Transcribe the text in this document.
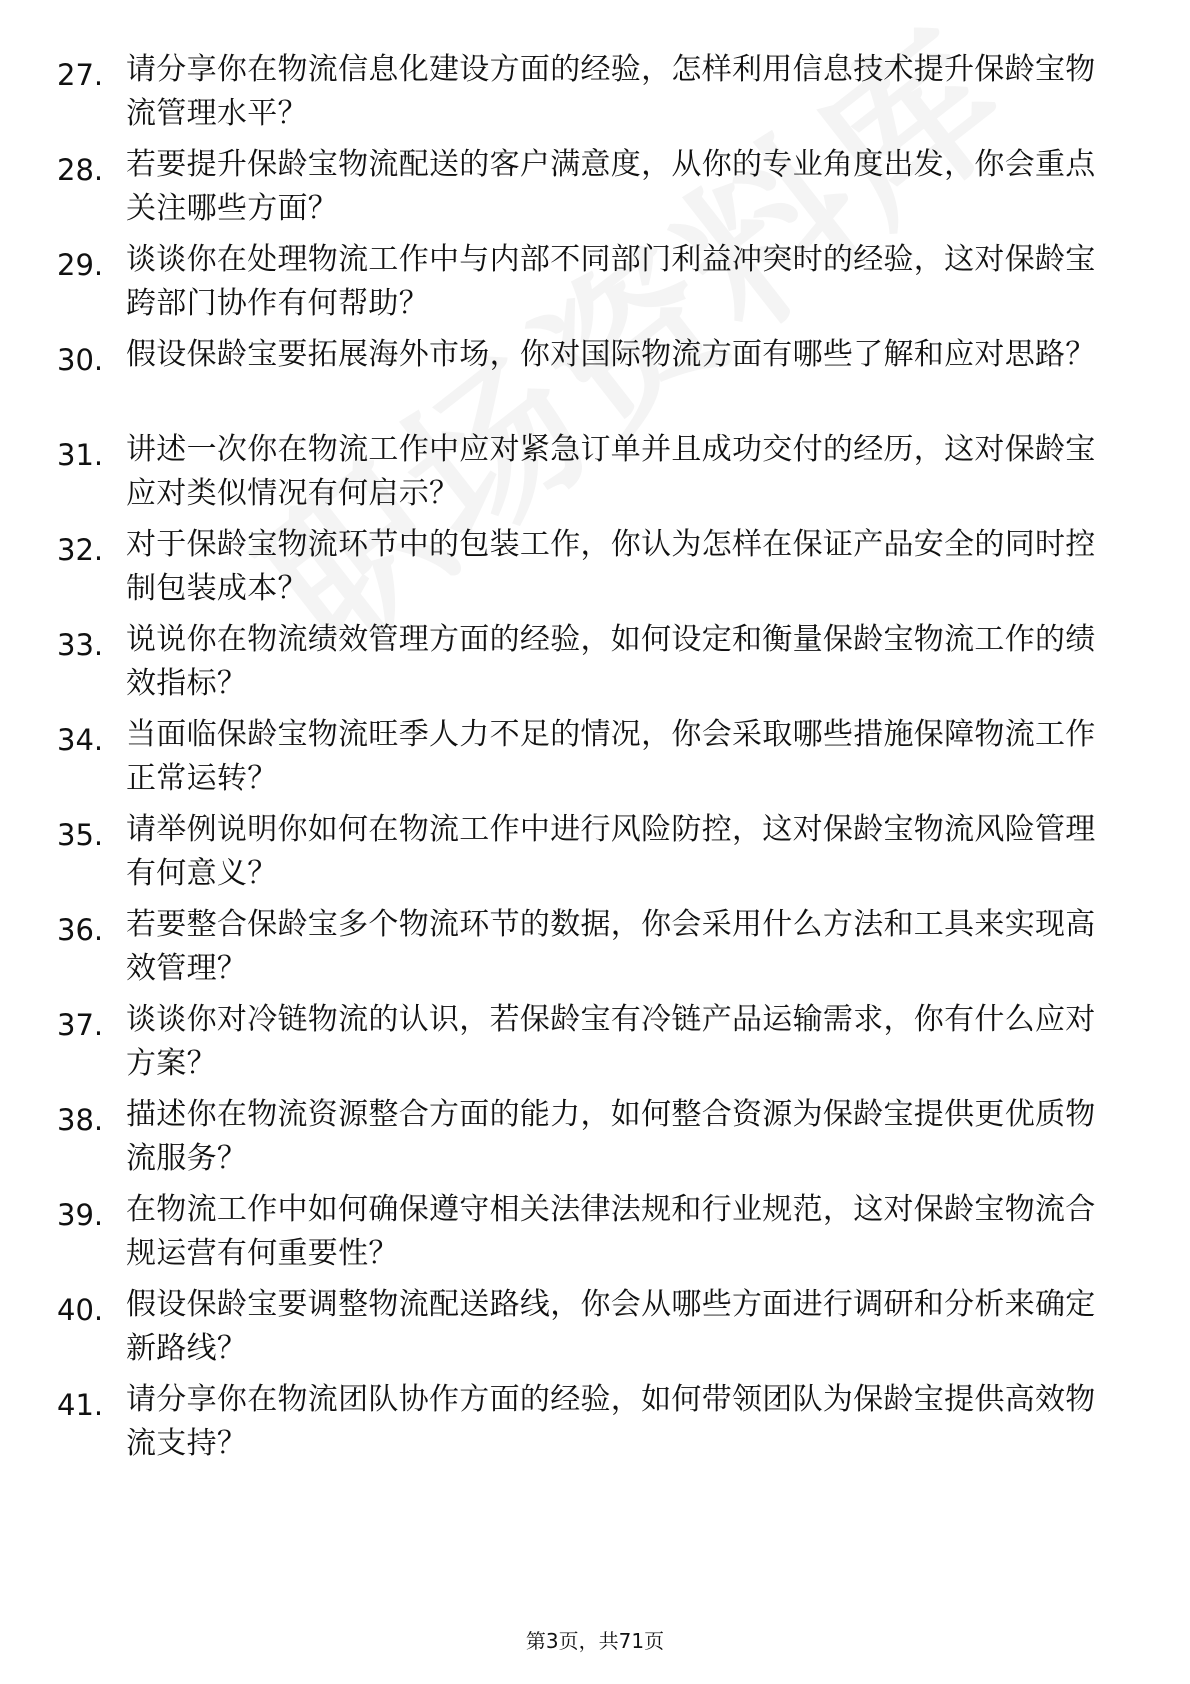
27. 请分享你在物流信息化建设方面的经验，怎样利用信息技术提升保龄宝物流管理水平？
28. 若要提升保龄宝物流配送的客户满意度，从你的专业角度出发，你会重点关注哪些方面？
29. 谈谈你在处理物流工作中与内部不同部门利益冲突时的经验，这对保龄宝跨部门协作有何帮助？
30. 假设保龄宝要拓展海外市场，你对国际物流方面有哪些了解和应对思路？
31. 讲述一次你在物流工作中应对紧急订单并且成功交付的经历，这对保龄宝应对类似情况有何启示？
32. 对于保龄宝物流环节中的包装工作，你认为怎样在保证产品安全的同时控制包装成本？
33. 说说你在物流绩效管理方面的经验，如何设定和衡量保龄宝物流工作的绩效指标？
34. 当面临保龄宝物流旺季人力不足的情况，你会采取哪些措施保障物流工作正常运转？
35. 请举例说明你如何在物流工作中进行风险防控，这对保龄宝物流风险管理有何意义？
36. 若要整合保龄宝多个物流环节的数据，你会采用什么方法和工具来实现高效管理？
37. 谈谈你对冷链物流的认识，若保龄宝有冷链产品运输需求，你有什么应对方案？
38. 描述你在物流资源整合方面的能力，如何整合资源为保龄宝提供更优质物流服务？
39. 在物流工作中如何确保遵守相关法律法规和行业规范，这对保龄宝物流合规运营有何重要性？
40. 假设保龄宝要调整物流配送路线，你会从哪些方面进行调研和分析来确定新路线？
41. 请分享你在物流团队协作方面的经验，如何带领团队为保龄宝提供高效物流支持？
第3页，共71页
